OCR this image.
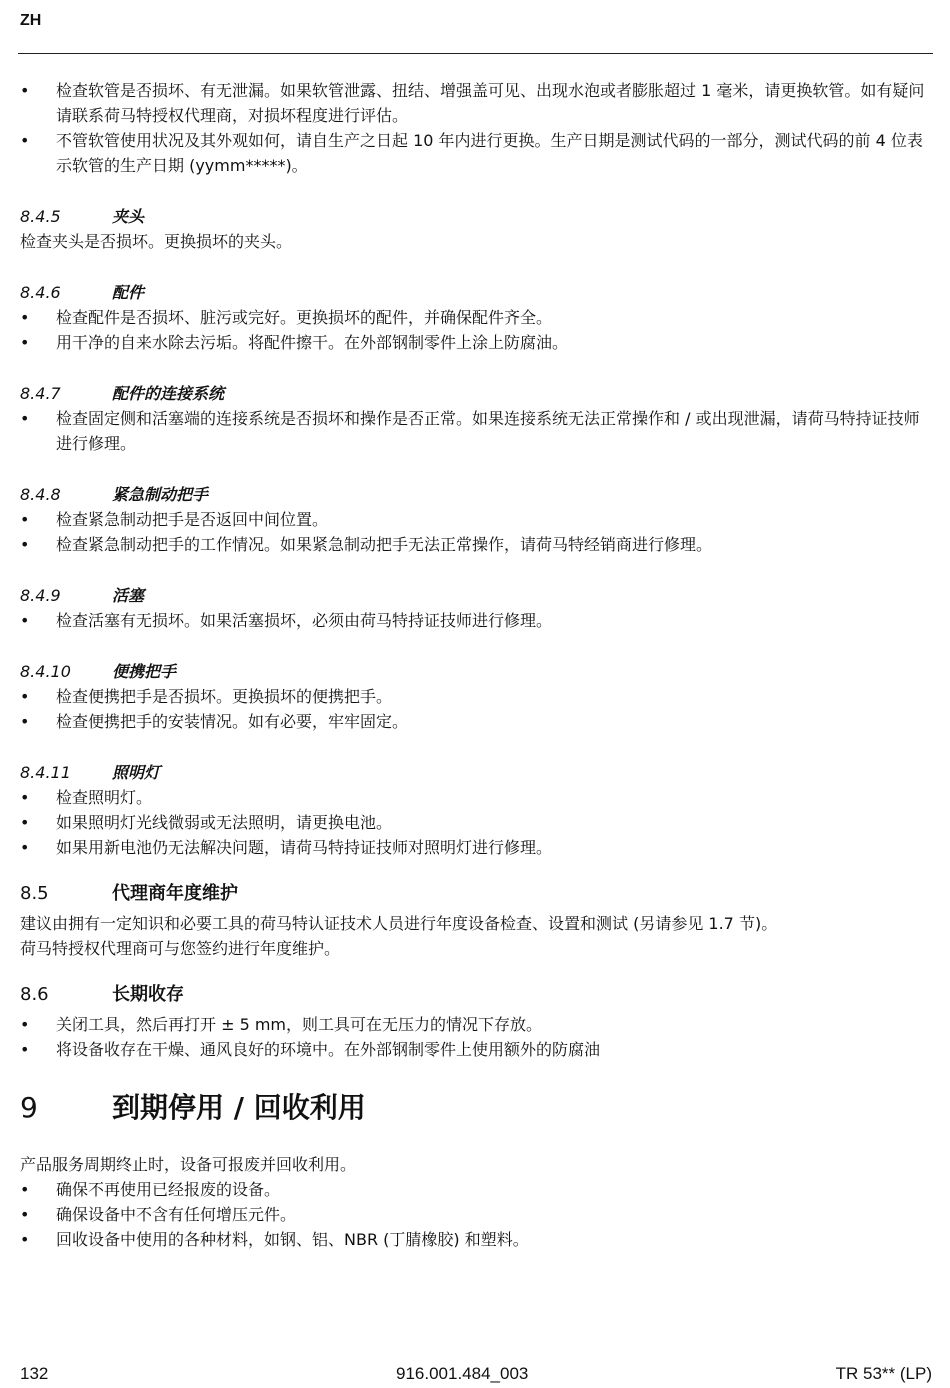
ZH
• 检查软管是否损坏、有无泄漏。如果软管泄露、扭结、增强盖可见、出现水泡或者膨胀超过 1 毫米，请更换软管。如有疑问请联系荷马特授权代理商，对损坏程度进行评估。
• 不管软管使用状况及其外观如何，请自生产之日起 10 年内进行更换。生产日期是测试代码的一部分，测试代码的前 4 位表示软管的生产日期 (yymm*****)。
8.4.5	夹头

检查夹头是否损坏。更换损坏的夹头。

8.4.6	配件
• 检查配件是否损坏、脏污或完好。更换损坏的配件，并确保配件齐全。
• 用干净的自来水除去污垢。将配件擦干。在外部钢制零件上涂上防腐油。
8.4.7	配件的连接系统
• 检查固定侧和活塞端的连接系统是否损坏和操作是否正常。如果连接系统无法正常操作和 / 或出现泄漏，请荷马特持证技师进行修理。
8.4.8	紧急制动把手
• 检查紧急制动把手是否返回中间位置。
• 检查紧急制动把手的工作情况。如果紧急制动把手无法正常操作，请荷马特经销商进行修理。
8.4.9	活塞
• 检查活塞有无损坏。如果活塞损坏，必须由荷马特持证技师进行修理。
8.4.10	便携把手
• 检查便携把手是否损坏。更换损坏的便携把手。
• 检查便携把手的安装情况。如有必要，牢牢固定。
8.4.11	照明灯
• 检查照明灯。
• 如果照明灯光线微弱或无法照明，请更换电池。
• 如果用新电池仍无法解决问题，请荷马特持证技师对照明灯进行修理。
8.5	代理商年度维护

建议由拥有一定知识和必要工具的荷马特认证技术人员进行年度设备检查、设置和测试 (另请参见 1.7 节)。

荷马特授权代理商可与您签约进行年度维护。

8.6	长期收存
• 关闭工具，然后再打开 ± 5 mm，则工具可在无压力的情况下存放。
• 将设备收存在干燥、通风良好的环境中。在外部钢制零件上使用额外的防腐油
9	到期停用 / 回收利用

产品服务周期终止时，设备可报废并回收利用。

• 确保不再使用已经报废的设备。
• 确保设备中不含有任何增压元件。
• 回收设备中使用的各种材料，如钢、铝、NBR (丁腈橡胶) 和塑料。
132	916.001.484_003	TR 53** (LP)
